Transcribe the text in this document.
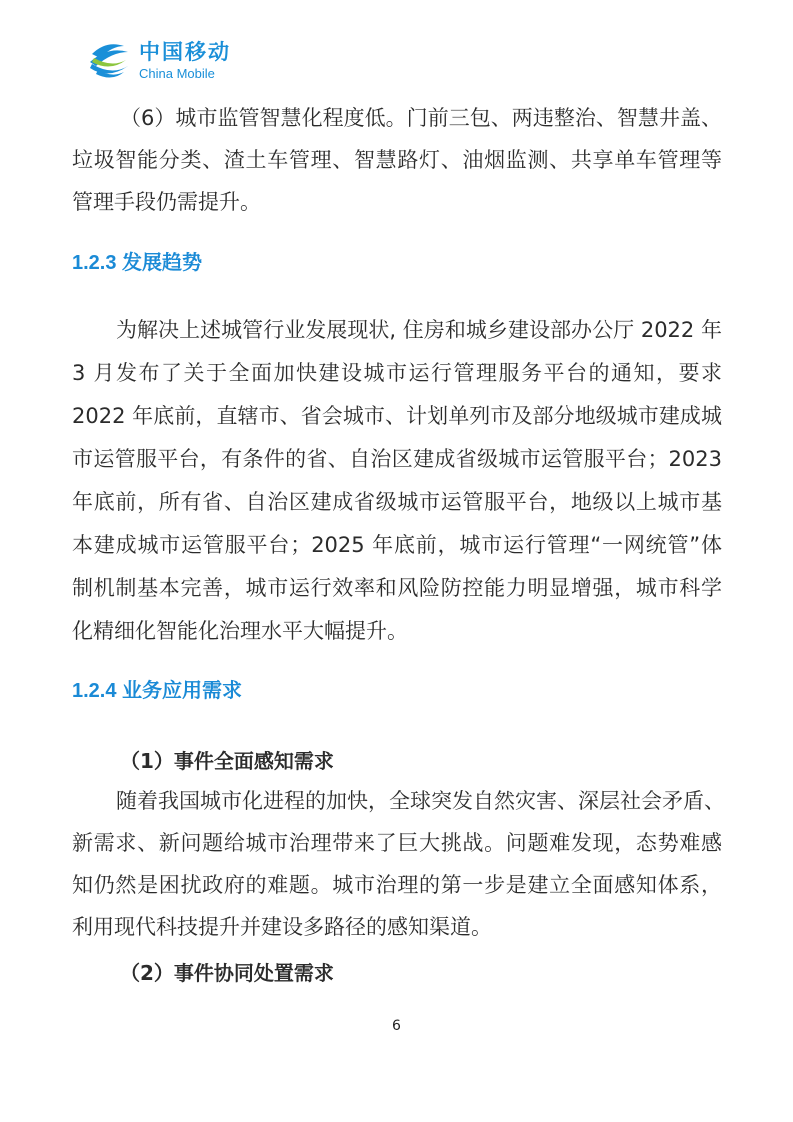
中国移动
China Mobile
（6）城市监管智慧化程度低。门前三包、两违整治、智慧井盖、
垃圾智能分类、渣土车管理、智慧路灯、油烟监测、共享单车管理等
管理手段仍需提升。
1.2.3 发展趋势
为解决上述城管行业发展现状, 住房和城乡建设部办公厅 2022 年
3 月发布了关于全面加快建设城市运行管理服务平台的通知，要求
2022 年底前，直辖市、省会城市、计划单列市及部分地级城市建成城
市运管服平台，有条件的省、自治区建成省级城市运管服平台；2023
年底前，所有省、自治区建成省级城市运管服平台，地级以上城市基
本建成城市运管服平台；2025 年底前，城市运行管理“一网统管”体
制机制基本完善，城市运行效率和风险防控能力明显增强，城市科学
化精细化智能化治理水平大幅提升。
1.2.4 业务应用需求
（1）事件全面感知需求
随着我国城市化进程的加快，全球突发自然灾害、深层社会矛盾、
新需求、新问题给城市治理带来了巨大挑战。问题难发现，态势难感
知仍然是困扰政府的难题。城市治理的第一步是建立全面感知体系，
利用现代科技提升并建设多路径的感知渠道。
（2）事件协同处置需求
6
